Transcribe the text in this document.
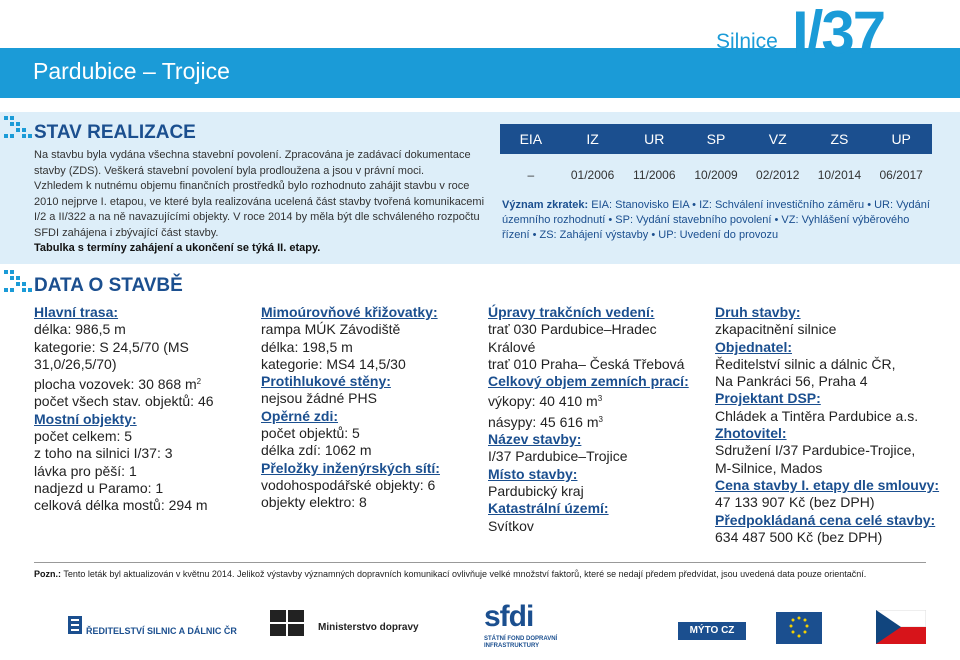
Pardubice – Trojice
Silnice I/37
STAV REALIZACE
Na stavbu byla vydána všechna stavební povolení. Zpracována je zadávací dokumentace
stavby (ZDS). Veškerá stavební povolení byla prodloužena a jsou v právní moci.
Vzhledem k nutnému objemu finančních prostředků bylo rozhodnuto zahájit stavbu v roce
2010 nejprve I. etapou, ve které byla realizována ucelená část stavby tvořená komunikacemi
I/2 a II/322 a na ně navazujícími objekty. V roce 2014 by měla být dle schváleného rozpočtu
SFDI zahájena i zbývající část stavby.
Tabulka s termíny zahájení a ukončení se týká II. etapy.
EIA	IZ	UR	SP	VZ	ZS	UP
–	01/2006	11/2006	10/2009	02/2012	10/2014	06/2017
Význam zkratek: EIA: Stanovisko EIA • IZ: Schválení investičního záměru • UR: Vydání
územního rozhodnutí • SP: Vydání stavebního povolení • VZ: Vyhlášení výběrového
řízení • ZS: Zahájení výstavby • UP: Uvedení do provozu
DATA O STAVBĚ
Hlavní trasa:
délka: 986,5 m
kategorie: S 24,5/70 (MS
31,0/26,5/70)
plocha vozovek: 30 868 $m^2$
počet všech stav. objektů: 46
Mostní objekty:
počet celkem: 5
z toho na silnici I/37: 3
lávka pro pěší: 1
nadjezd u Paramo: 1
celková délka mostů: 294 m
Mimoúrovňové křižovatky:
rampa MÚK Závodiště
délka: 198,5 m
kategorie: MS4 14,5/30
Protihlukové stěny:
nejsou žádné PHS
Opěrné zdi:
počet objektů: 5
délka zdí: 1062 m
Přeložky inženýrských sítí:
vodohospodářské objekty: 6
objekty elektro: 8
Úpravy trakčních vedení:
trať 030 Pardubice–Hradec
Králové
trať 010 Praha– Česká Třebová
Celkový objem zemních prací:
výkopy: 40 410 $m^3$
násypy: 45 616 $m^3$
Název stavby:
I/37 Pardubice–Trojice
Místo stavby:
Pardubický kraj
Katastrální území:
Svítkov
Druh stavby:
zkapacitnění silnice
Objednatel:
Ředitelství silnic a dálnic ČR,
Na Pankráci 56, Praha 4
Projektant DSP:
Chládek a Tintěra Pardubice a.s.
Zhotovitel:
Sdružení I/37 Pardubice-Trojice,
M-Silnice, Mados
Cena stavby I. etapy dle smlouvy:
47 133 907 Kč (bez DPH)
Předpokládaná cena celé stavby:
634 487 500 Kč (bez DPH)
Pozn.: Tento leták byl aktualizován v květnu 2014. Jelikož výstavby významných dopravních komunikací ovlivňuje velké množství faktorů, které se nedají předem předvídat, jsou uvedená data pouze orientační.
ŘEDITELSTVÍ SILNIC A DÁLNIC ČR	Ministerstvo dopravy sfdi
STÁTNÍ FOND DOPRAVNÍ
INFRASTRUKTURY
MÝTO CZ
